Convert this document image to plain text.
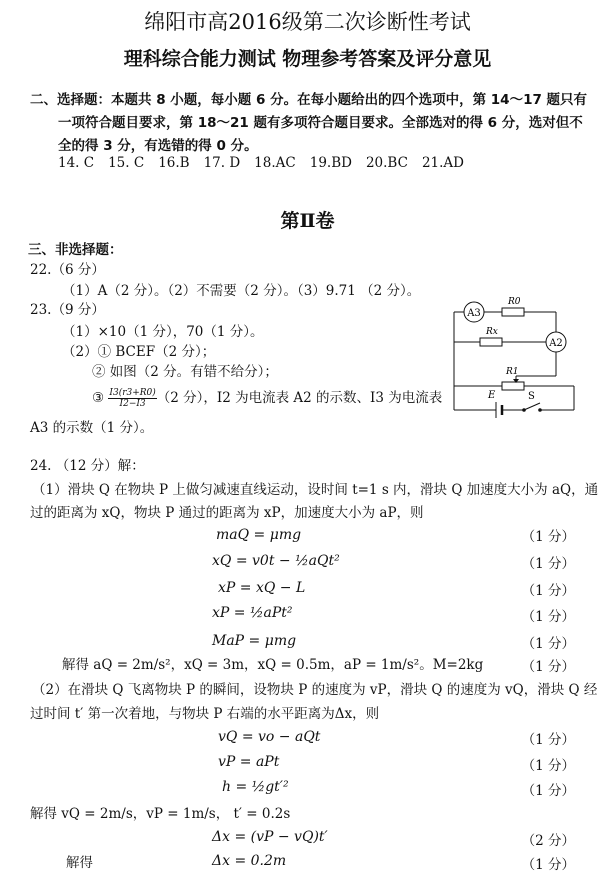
绵阳市高2016级第二次诊断性考试
理科综合能力测试 物理参考答案及评分意见
二、选择题：本题共 8 小题，每小题 6 分。在每小题给出的四个选项中，第 14～17 题只有
一项符合题目要求，第 18～21 题有多项符合题目要求。全部选对的得 6 分，选对但不
全的得 3 分，有选错的得 0 分。
14. C 15. C 16.B 17. D 18.AC 19.BD 20.BC 21.AD
第Ⅱ卷
三、非选择题：
22.（6 分）
（1）A（2 分）。（2）不需要（2 分）。（3）9.71 （2 分）。
23.（9 分）
（1）×10（1 分），70（1 分）。
（2）① BCEF（2 分）；
② 如图（2 分。有错不给分）；
③ $\frac{I3(r3+R0)}{I2-I3} (2$ 分），I2 为电流表 A2 的示数、I3 为电流表
A3 的示数（1 分）。
A3
R0
Rx
A2
R1
E	S
24. （12 分）解：
（1）滑块 Q 在物块 P 上做匀减速直线运动，设时间 t=1 s 内，滑块 Q 加速度大小为 aQ，通
过的距离为 xQ，物块 P 通过的距离为 xP，加速度大小为 aP，则
maQ = μmg	（1 分）
xQ = v0t − ½aQt²	（1 分）
xP = xQ − L	（1 分）
xP = ½aPt²	（1 分）
MaP = μmg	（1 分）
解得 aQ = 2m/s²，xQ = 3m，xQ = 0.5m，aP = 1m/s²。M=2kg	（1 分）
（2）在滑块 Q 飞离物块 P 的瞬间，设物块 P 的速度为 vP，滑块 Q 的速度为 vQ，滑块 Q 经
过时间 t′ 第一次着地，与物块 P 右端的水平距离为Δx，则
vQ = vo − aQt	（1 分）
vP = aPt	（1 分）
h = ½gt′²	（1 分）
解得 vQ = 2m/s，vP = 1m/s， t′ = 0.2s
Δx = (vP − vQ)t′	（2 分）
解得	Δx = 0.2m	（1 分）
